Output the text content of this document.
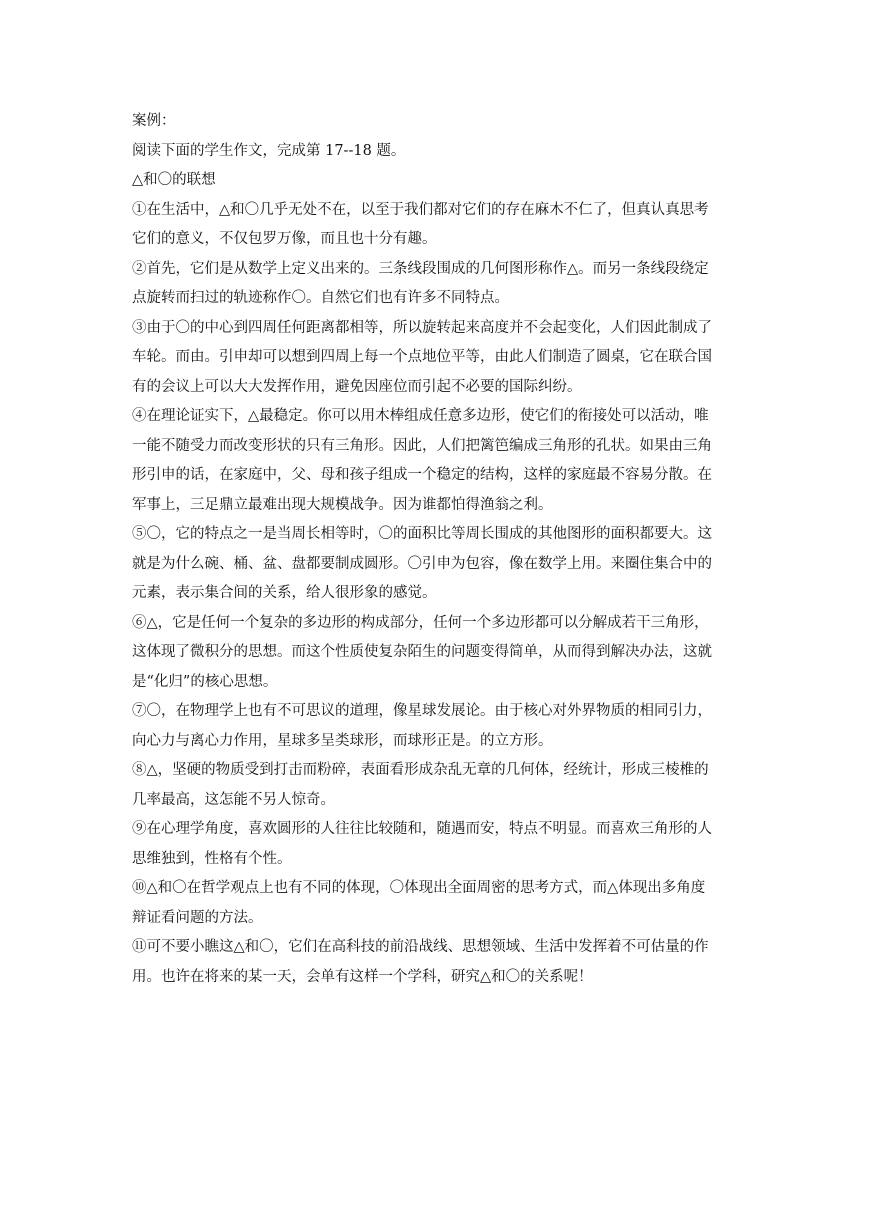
案例：

阅读下面的学生作文，完成第 17--18 题。

△和〇的联想

①在生活中，△和〇几乎无处不在，以至于我们都对它们的存在麻木不仁了，但真认真思考

它们的意义，不仅包罗万像，而且也十分有趣。

②首先，它们是从数学上定义出来的。三条线段围成的几何图形称作△。而另一条线段绕定

点旋转而扫过的轨迹称作〇。自然它们也有许多不同特点。

③由于〇的中心到四周任何距离都相等，所以旋转起来高度并不会起变化，人们因此制成了

车轮。而由。引申却可以想到四周上每一个点地位平等，由此人们制造了圆桌，它在联合国

有的会议上可以大大发挥作用，避免因座位而引起不必要的国际纠纷。

④在理论证实下，△最稳定。你可以用木棒组成任意多边形，使它们的衔接处可以活动，唯

一能不随受力而改变形状的只有三角形。因此，人们把篱笆编成三角形的孔状。如果由三角

形引申的话，在家庭中，父、母和孩子组成一个稳定的结构，这样的家庭最不容易分散。在

军事上，三足鼎立最难出现大规模战争。因为谁都怕得渔翁之利。

⑤〇，它的特点之一是当周长相等时，〇的面积比等周长围成的其他图形的面积都要大。这

就是为什么碗、桶、盆、盘都要制成圆形。〇引申为包容，像在数学上用。来圈住集合中的

元素，表示集合间的关系，给人很形象的感觉。

⑥△，它是任何一个复杂的多边形的构成部分，任何一个多边形都可以分解成若干三角形，

这体现了微积分的思想。而这个性质使复杂陌生的问题变得简单，从而得到解决办法，这就

是“化归”的核心思想。

⑦〇，在物理学上也有不可思议的道理，像星球发展论。由于核心对外界物质的相同引力，

向心力与离心力作用，星球多呈类球形，而球形正是。的立方形。

⑧△，坚硬的物质受到打击而粉碎，表面看形成杂乱无章的几何体，经统计，形成三棱椎的

几率最高，这怎能不另人惊奇。

⑨在心理学角度，喜欢圆形的人往往比较随和，随遇而安，特点不明显。而喜欢三角形的人

思维独到，性格有个性。

⑩△和〇在哲学观点上也有不同的体现，〇体现出全面周密的思考方式，而△体现出多角度

辩证看问题的方法。

⑪可不要小瞧这△和〇，它们在高科技的前沿战线、思想领域、生活中发挥着不可估量的作

用。也许在将来的某一天，会单有这样一个学科，研究△和〇的关系呢！
